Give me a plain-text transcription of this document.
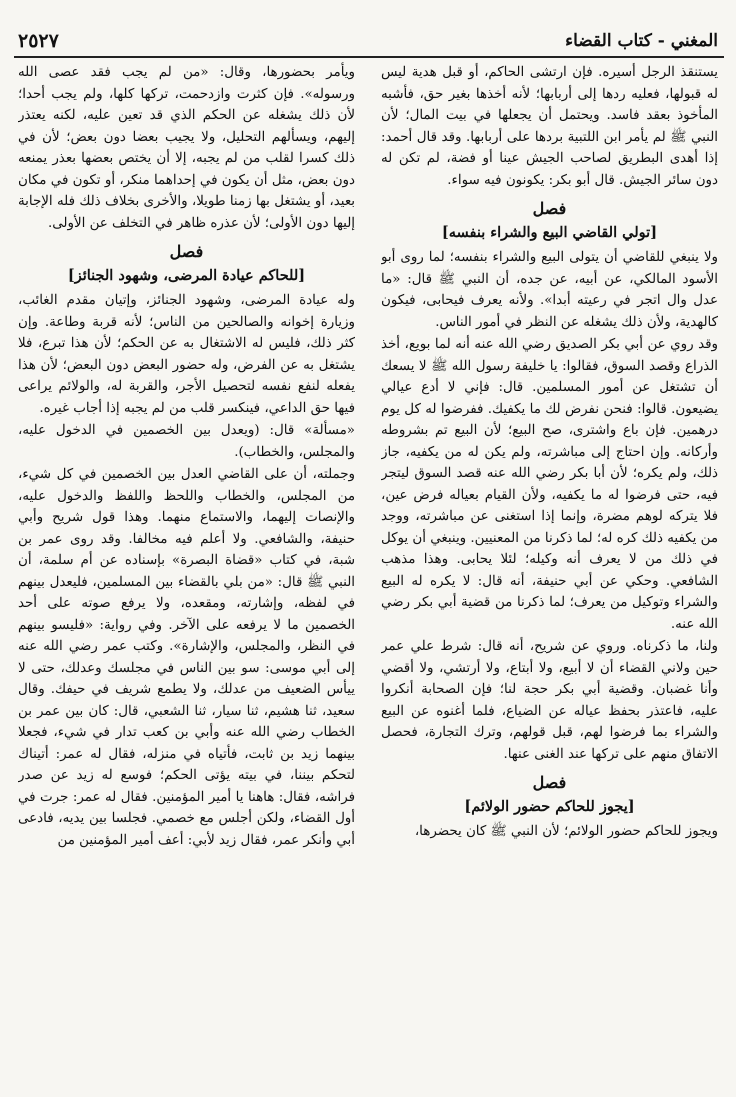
٢٥٢٧	المغني - كتاب القضاء

يستنقذ الرجل أسيره. فإن ارتشى الحاكم، أو قبل هدية ليس له قبولها، فعليه ردها إلى أربابها؛ لأنه أخذها بغير حق، فأشبه المأخوذ بعقد فاسد. ويحتمل أن يجعلها في بيت المال؛ لأن النبي ﷺ لم يأمر ابن اللتبية بردها على أربابها. وقد قال أحمد: إذا أهدى البطريق لصاحب الجيش عينا أو فضة، لم تكن له دون سائر الجيش. قال أبو بكر: يكونون فيه سواء.

فصل
[تولي القاضي البيع والشراء بنفسه]

ولا ينبغي للقاضي أن يتولى البيع والشراء بنفسه؛ لما روى أبو الأسود المالكي، عن أبيه، عن جده، أن النبي ﷺ قال: «ما عدل وال اتجر في رعيته أبدا». ولأنه يعرف فيحابى، فيكون كالهدية، ولأن ذلك يشغله عن النظر في أمور الناس.

وقد روي عن أبي بكر الصديق رضي الله عنه أنه لما بويع، أخذ الذراع وقصد السوق، فقالوا: يا خليفة رسول الله ﷺ لا يسعك أن تشتغل عن أمور المسلمين. قال: فإني لا أدع عيالي يضيعون. قالوا: فنحن نفرض لك ما يكفيك. ففرضوا له كل يوم درهمين. فإن باع واشترى، صح البيع؛ لأن البيع تم بشروطه وأركانه. وإن احتاج إلى مباشرته، ولم يكن له من يكفيه، جاز ذلك، ولم يكره؛ لأن أبا بكر رضي الله عنه قصد السوق ليتجر فيه، حتى فرضوا له ما يكفيه، ولأن القيام بعياله فرض عين، فلا يتركه لوهم مضرة، وإنما إذا استغنى عن مباشرته، ووجد من يكفيه ذلك كره له؛ لما ذكرنا من المعنيين. وينبغي أن يوكل في ذلك من لا يعرف أنه وكيله؛ لئلا يحابى. وهذا مذهب الشافعي. وحكي عن أبي حنيفة، أنه قال: لا يكره له البيع والشراء وتوكيل من يعرف؛ لما ذكرنا من قضية أبي بكر رضي الله عنه.

ولنا، ما ذكرناه. وروي عن شريح، أنه قال: شرط علي عمر حين ولاني القضاء أن لا أبيع، ولا أبتاع، ولا أرتشي، ولا أقضي وأنا غضبان. وقضية أبي بكر حجة لنا؛ فإن الصحابة أنكروا عليه، فاعتذر بحفظ عياله عن الضياع، فلما أغنوه عن البيع والشراء بما فرضوا لهم، قبل قولهم، وترك التجارة، فحصل الاتفاق منهم على تركها عند الغنى عنها.

فصل
[يجوز للحاكم حضور الولائم]

ويجوز للحاكم حضور الولائم؛ لأن النبي ﷺ كان يحضرها،

ويأمر بحضورها، وقال: «من لم يجب فقد عصى الله ورسوله». فإن كثرت وازدحمت، تركها كلها، ولم يجب أحدا؛ لأن ذلك يشغله عن الحكم الذي قد تعين عليه، لكنه يعتذر إليهم، ويسألهم التحليل، ولا يجيب بعضا دون بعض؛ لأن في ذلك كسرا لقلب من لم يجبه، إلا أن يختص بعضها بعذر يمنعه دون بعض، مثل أن يكون في إحداهما منكر، أو تكون في مكان بعيد، أو يشتغل بها زمنا طويلا، والأخرى بخلاف ذلك فله الإجابة إليها دون الأولى؛ لأن عذره ظاهر في التخلف عن الأولى.

فصل
[للحاكم عيادة المرضى، وشهود الجنائز]

وله عيادة المرضى، وشهود الجنائز، وإتيان مقدم الغائب، وزيارة إخوانه والصالحين من الناس؛ لأنه قربة وطاعة. وإن كثر ذلك، فليس له الاشتغال به عن الحكم؛ لأن هذا تبرع، فلا يشتغل به عن الفرض، وله حضور البعض دون البعض؛ لأن هذا يفعله لنفع نفسه لتحصيل الأجر، والقربة له، والولائم يراعى فيها حق الداعي، فينكسر قلب من لم يجبه إذا أجاب غيره.

«مسألة» قال: (ويعدل بين الخصمين في الدخول عليه، والمجلس، والخطاب).

وجملته، أن على القاضي العدل بين الخصمين في كل شيء، من المجلس، والخطاب واللحظ واللفظ والدخول عليه، والإنصات إليهما، والاستماع منهما. وهذا قول شريح وأبي حنيفة، والشافعي. ولا أعلم فيه مخالفا. وقد روى عمر بن شبة، في كتاب «قضاة البصرة» بإسناده عن أم سلمة، أن النبي ﷺ قال: «من بلي بالقضاء بين المسلمين، فليعدل بينهم في لفظه، وإشارته، ومقعده، ولا يرفع صوته على أحد الخصمين ما لا يرفعه على الآخر. وفي رواية: «فليسو بينهم في النظر، والمجلس، والإشارة». وكتب عمر رضي الله عنه إلى أبي موسى: سو بين الناس في مجلسك وعدلك، حتى لا ييأس الضعيف من عدلك، ولا يطمع شريف في حيفك. وقال سعيد، ثنا هشيم، ثنا سيار، ثنا الشعبي، قال: كان بين عمر بن الخطاب رضي الله عنه وأبي بن كعب تدار في شيء، فجعلا بينهما زيد بن ثابت، فأتياه في منزله، فقال له عمر: أتيناك لتحكم بيننا، في بيته يؤتى الحكم؛ فوسع له زيد عن صدر فراشه، فقال: هاهنا يا أمير المؤمنين. فقال له عمر: جرت في أول القضاء، ولكن أجلس مع خصمي. فجلسا بين يديه، فادعى أبي وأنكر عمر، فقال زيد لأبي: أعف أمير المؤمنين من
